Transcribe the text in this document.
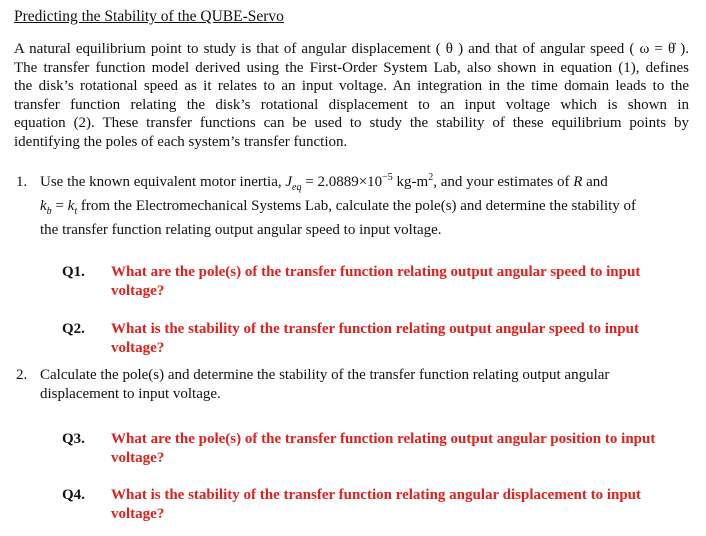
Predicting the Stability of the QUBE-Servo
A natural equilibrium point to study is that of angular displacement ( θ ) and that of angular speed ( ω = θ̇ ).
The transfer function model derived using the First-Order System Lab, also shown in equation (1), defines
the disk’s rotational speed as it relates to an input voltage. An integration in the time domain leads to the
transfer function relating the disk’s rotational displacement to an input voltage which is shown in
equation (2). These transfer functions can be used to study the stability of these equilibrium points by
identifying the poles of each system’s transfer function.
1. Use the known equivalent motor inertia, $J_{eq} = 2.0889\times 10^{-5}$ $kg-m^2$, and your estimates of R and
$k_b = k_t$ from the Electromechanical Systems Lab, calculate the pole(s) and determine the stability of
the transfer function relating output angular speed to input voltage.
Q1. What are the pole(s) of the transfer function relating output angular speed to input
voltage?
Q2. What is the stability of the transfer function relating output angular speed to input
voltage?
2. Calculate the pole(s) and determine the stability of the transfer function relating output angular
displacement to input voltage.
Q3. What are the pole(s) of the transfer function relating output angular position to input
voltage?
Q4. What is the stability of the transfer function relating angular displacement to input
voltage?
